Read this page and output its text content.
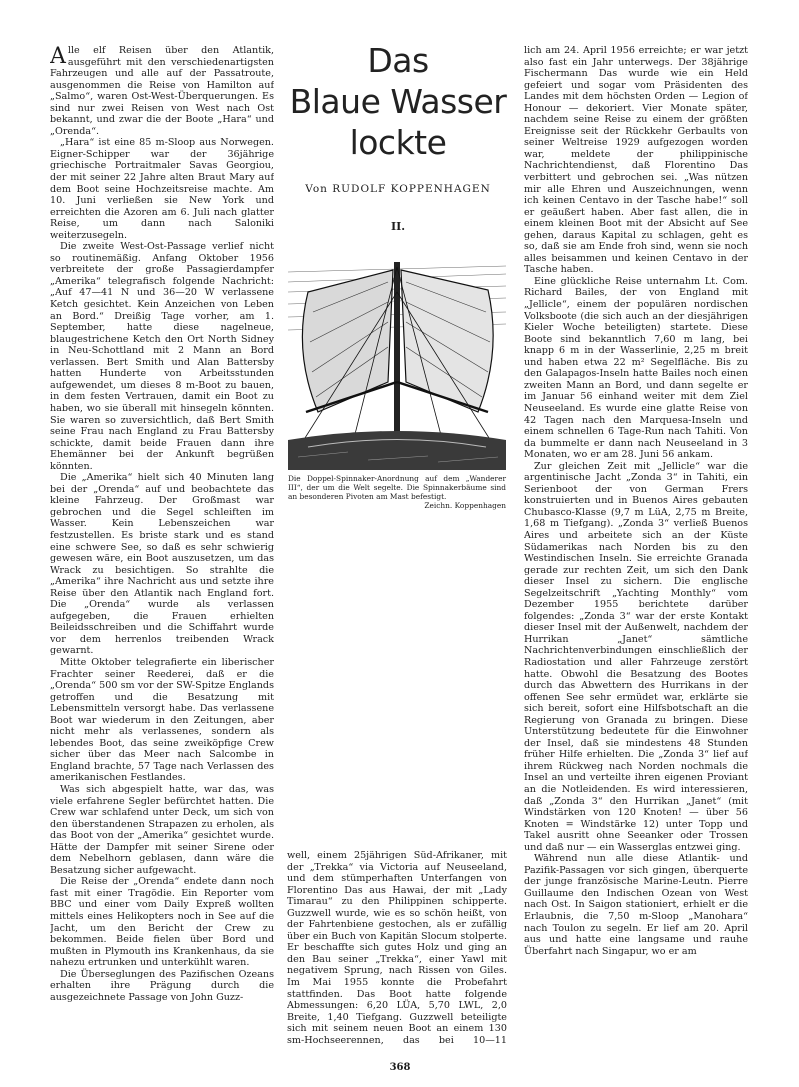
Alle elf Reisen über den Atlantik, ausgeführt mit den verschiedenartigsten Fahrzeugen und alle auf der Passatroute, ausgenommen die Reise von Hamilton auf „Salmo“, waren Ost-West-Überquerungen. Es sind nur zwei Reisen von West nach Ost bekannt, und zwar die der Boote „Hara“ und „Orenda“.

„Hara“ ist eine 85 m-Sloop aus Norwegen. Eigner-Schipper war der 36jährige griechische Portraitmaler Savas Georgiou, der mit seiner 22 Jahre alten Braut Mary auf dem Boot seine Hochzeitsreise machte. Am 10. Juni verließen sie New York und erreichten die Azoren am 6. Juli nach glatter Reise, um dann nach Saloniki weiterzusegeln.

Die zweite West-Ost-Passage verlief nicht so routinemäßig. Anfang Oktober 1956 verbreitete der große Passagierdampfer „Amerika“ telegrafisch folgende Nachricht: „Auf 47—41 N und 36—20 W verlassene Ketch gesichtet. Kein Anzeichen von Leben an Bord.“ Dreißig Tage vorher, am 1. September, hatte diese nagelneue, blaugestrichene Ketch den Ort North Sidney in Neu-Schottland mit 2 Mann an Bord verlassen. Bert Smith und Alan Battersby hatten Hunderte von Arbeitsstunden aufgewendet, um dieses 8 m-Boot zu bauen, in dem festen Vertrauen, damit ein Boot zu haben, wo sie überall mit hinsegeln könnten. Sie waren so zuversichtlich, daß Bert Smith seine Frau nach England zu Frau Battersby schickte, damit beide Frauen dann ihre Ehemänner bei der Ankunft begrüßen könnten.

Die „Amerika“ hielt sich 40 Minuten lang bei der „Orenda“ auf und beobachtete das kleine Fahrzeug. Der Großmast war gebrochen und die Segel schleiften im Wasser. Kein Lebenszeichen war festzustellen. Es briste stark und es stand eine schwere See, so daß es sehr schwierig gewesen wäre, ein Boot auszusetzen, um das Wrack zu besichtigen. So strahlte die „Amerika“ ihre Nachricht aus und setzte ihre Reise über den Atlantik nach England fort. Die „Orenda“ wurde als verlassen aufgegeben, die Frauen erhielten Beileidsschreiben und die Schiffahrt wurde vor dem herrenlos treibenden Wrack gewarnt.

Mitte Oktober telegrafierte ein liberischer Frachter seiner Reederei, daß er die „Orenda“ 500 sm vor der SW-Spitze Englands getroffen und die Besatzung mit Lebensmitteln versorgt habe. Das verlassene Boot war wiederum in den Zeitungen, aber nicht mehr als verlassenes, sondern als lebendes Boot, das seine zweiköpfige Crew sicher über das Meer nach Salcombe in England brachte, 57 Tage nach Verlassen des amerikanischen Festlandes.

Was sich abgespielt hatte, war das, was viele erfahrene Segler befürchtet hatten. Die Crew war schlafend unter Deck, um sich von den überstandenen Strapazen zu erholen, als das Boot von der „Amerika“ gesichtet wurde. Hätte der Dampfer mit seiner Sirene oder dem Nebelhorn geblasen, dann wäre die Besatzung sicher aufgewacht.

Die Reise der „Orenda“ endete dann noch fast mit einer Tragödie. Ein Reporter vom BBC und einer vom Daily Expreß wollten mittels eines Helikopters noch in See auf die Jacht, um den Bericht der Crew zu bekommen. Beide fielen über Bord und mußten in Plymouth ins Krankenhaus, da sie nahezu ertrunken und unterkühlt waren.

Die Überseglungen des Pazifischen Ozeans erhalten ihre Prägung durch die ausgezeichnete Passage von John Guzz-

Das
Blaue Wasser
lockte
Von RUDOLF KOPPENHAGEN
II.
Die Doppel-Spinnaker-Anordnung auf dem „Wanderer III“, der um die Welt segelte. Die Spinnakerbäume sind an besonderen Pivoten am Mast befestigt.
Zeichn. Koppenhagen

well, einem 25jährigen Süd-Afrikaner, mit der „Trekka“ via Victoria auf Neuseeland, und dem stümperhaften Unterfangen von Florentino Das aus Hawai, der mit „Lady Timarau“ zu den Philippinen schipperte. Guzzwell wurde, wie es so schön heißt, von der Fahrtenbiene gestochen, als er zufällig über ein Buch von Kapitän Slocum stolperte. Er beschaffte sich gutes Holz und ging an den Bau seiner „Trekka“, einer Yawl mit negativem Sprung, nach Rissen von Giles. Im Mai 1955 konnte die Probefahrt stattfinden. Das Boot hatte folgende Abmessungen: 6,20 LÜA, 5,70 LWL, 2,0 Breite, 1,40 Tiefgang. Guzzwell beteiligte sich mit seinem neuen Boot an einem 130 sm-Hochseerennen, das bei 10—11

lich am 24. April 1956 erreichte; er war jetzt also fast ein Jahr unterwegs. Der 38jährige Fischermann Das wurde wie ein Held gefeiert und sogar vom Präsidenten des Landes mit dem höchsten Orden — Legion of Honour — dekoriert. Vier Monate später, nachdem seine Reise zu einem der größten Ereignisse seit der Rückkehr Gerbaults von seiner Weltreise 1929 aufgezogen worden war, meldete der philippinische Nachrichtendienst, daß Florentino Das verbittert und gebrochen sei. „Was nützen mir alle Ehren und Auszeichnungen, wenn ich keinen Centavo in der Tasche habe!“ soll er geäußert haben. Aber fast allen, die in einem kleinen Boot mit der Absicht auf See gehen, daraus Kapital zu schlagen, geht es so, daß sie am Ende froh sind, wenn sie noch alles beisammen und keinen Centavo in der Tasche haben.

Eine glückliche Reise unternahm Lt. Com. Richard Bailes, der von England mit „Jellicle“, einem der populären nordischen Volksboote (die sich auch an der diesjährigen Kieler Woche beteiligten) startete. Diese Boote sind bekanntlich 7,60 m lang, bei knapp 6 m in der Wasserlinie, 2,25 m breit und haben etwa 22 m² Segelfläche. Bis zu den Galapagos-Inseln hatte Bailes noch einen zweiten Mann an Bord, und dann segelte er im Januar 56 einhand weiter mit dem Ziel Neuseeland. Es wurde eine glatte Reise von 42 Tagen nach den Marquesa-Inseln und einem schnellen 6 Tage-Run nach Tahiti. Von da bummelte er dann nach Neuseeland in 3 Monaten, wo er am 28. Juni 56 ankam.

Zur gleichen Zeit mit „Jellicle“ war die argentinische Jacht „Zonda 3“ in Tahiti, ein Serienboot der von German Frers konstruierten und in Buenos Aires gebauten Chubasco-Klasse (9,7 m LüA, 2,75 m Breite, 1,68 m Tiefgang). „Zonda 3“ verließ Buenos Aires und arbeitete sich an der Küste Südamerikas nach Norden bis zu den Westindischen Inseln. Sie erreichte Granada gerade zur rechten Zeit, um sich den Dank dieser Insel zu sichern. Die englische Segelzeitschrift „Yachting Monthly“ vom Dezember 1955 berichtete darüber folgendes: „Zonda 3“ war der erste Kontakt dieser Insel mit der Außenwelt, nachdem der Hurrikan „Janet“ sämtliche Nachrichtenverbindungen einschließlich der Radiostation und aller Fahrzeuge zerstört hatte. Obwohl die Besatzung des Bootes durch das Abwettern des Hurrikans in der offenen See sehr ermüdet war, erklärte sie sich bereit, sofort eine Hilfsbotschaft an die Regierung von Granada zu bringen. Diese Unterstützung bedeutete für die Einwohner der Insel, daß sie mindestens 48 Stunden früher Hilfe erhielten. Die „Zonda 3“ lief auf ihrem Rückweg nach Norden nochmals die Insel an und verteilte ihren eigenen Proviant an die Notleidenden. Es wird interessieren, daß „Zonda 3“ den Hurrikan „Janet“ (mit Windstärken von 120 Knoten! — über 56 Knoten = Windstärke 12) unter Topp und Takel ausritt ohne Seeanker oder Trossen und daß nur — ein Wasserglas entzwei ging.

Während nun alle diese Atlantik- und Pazifik-Passagen vor sich gingen, überquerte der junge französische Marine-Leutn. Pierre Guillaume den Indischen Ozean von West nach Ost. In Saigon stationiert, erhielt er die Erlaubnis, die 7,50 m-Sloop „Manohara“ nach Toulon zu segeln. Er lief am 20. April aus und hatte eine langsame und rauhe Überfahrt nach Singapur, wo er am

368
